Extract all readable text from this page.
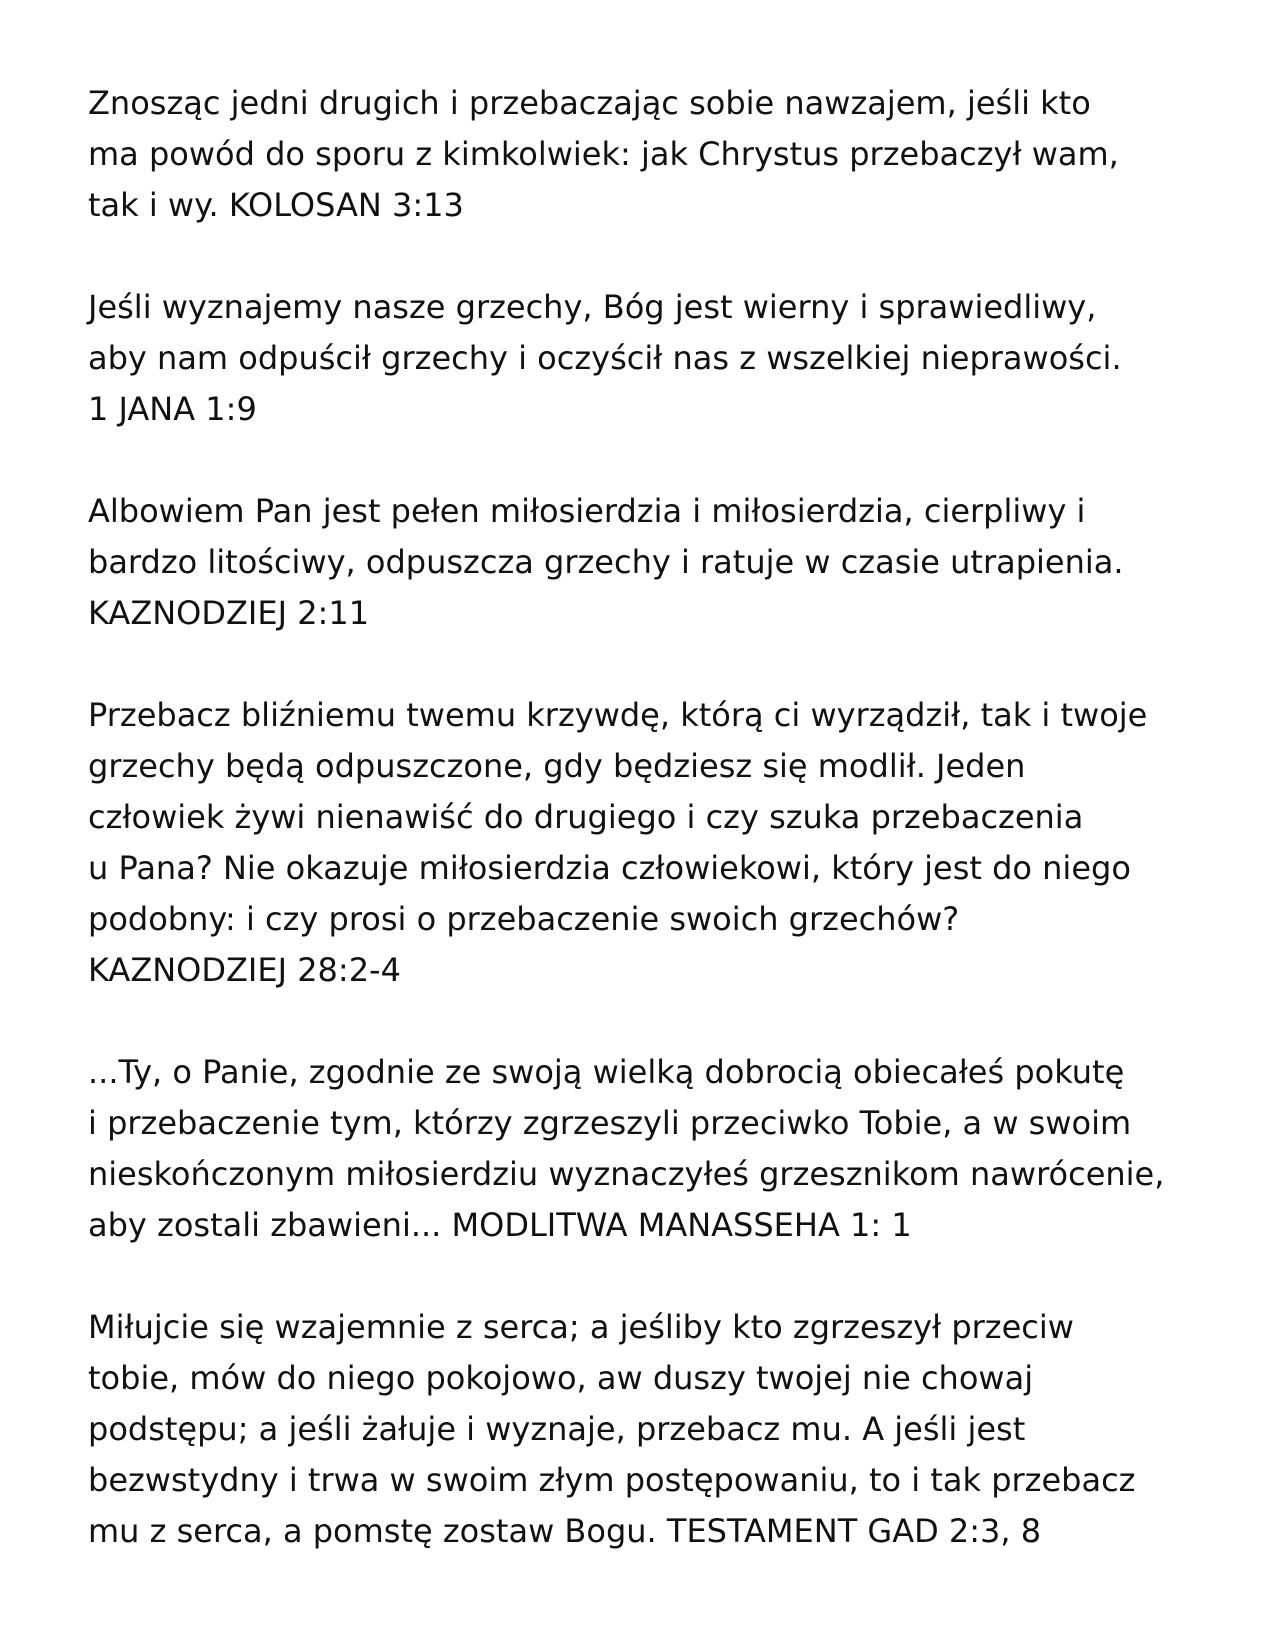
Znosząc jedni drugich i przebaczając sobie nawzajem, jeśli kto
ma powód do sporu z kimkolwiek: jak Chrystus przebaczył wam,
tak i wy. KOLOSAN 3:13
Jeśli wyznajemy nasze grzechy, Bóg jest wierny i sprawiedliwy,
aby nam odpuścił grzechy i oczyścił nas z wszelkiej nieprawości.
1 JANA 1:9
Albowiem Pan jest pełen miłosierdzia i miłosierdzia, cierpliwy i
bardzo litościwy, odpuszcza grzechy i ratuje w czasie utrapienia.
KAZNODZIEJ 2:11
Przebacz bliźniemu twemu krzywdę, którą ci wyrządził, tak i twoje
grzechy będą odpuszczone, gdy będziesz się modlił. Jeden
człowiek żywi nienawiść do drugiego i czy szuka przebaczenia
u Pana? Nie okazuje miłosierdzia człowiekowi, który jest do niego
podobny: i czy prosi o przebaczenie swoich grzechów?
KAZNODZIEJ 28:2-4
...Ty, o Panie, zgodnie ze swoją wielką dobrocią obiecałeś pokutę
i przebaczenie tym, którzy zgrzeszyli przeciwko Tobie, a w swoim
nieskończonym miłosierdziu wyznaczyłeś grzesznikom nawrócenie,
aby zostali zbawieni... MODLITWA MANASSEHA 1: 1
Miłujcie się wzajemnie z serca; a jeśliby kto zgrzeszył przeciw
tobie, mów do niego pokojowo, aw duszy twojej nie chowaj
podstępu; a jeśli żałuje i wyznaje, przebacz mu. A jeśli jest
bezwstydny i trwa w swoim złym postępowaniu, to i tak przebacz
mu z serca, a pomstę zostaw Bogu. TESTAMENT GAD 2:3, 8
